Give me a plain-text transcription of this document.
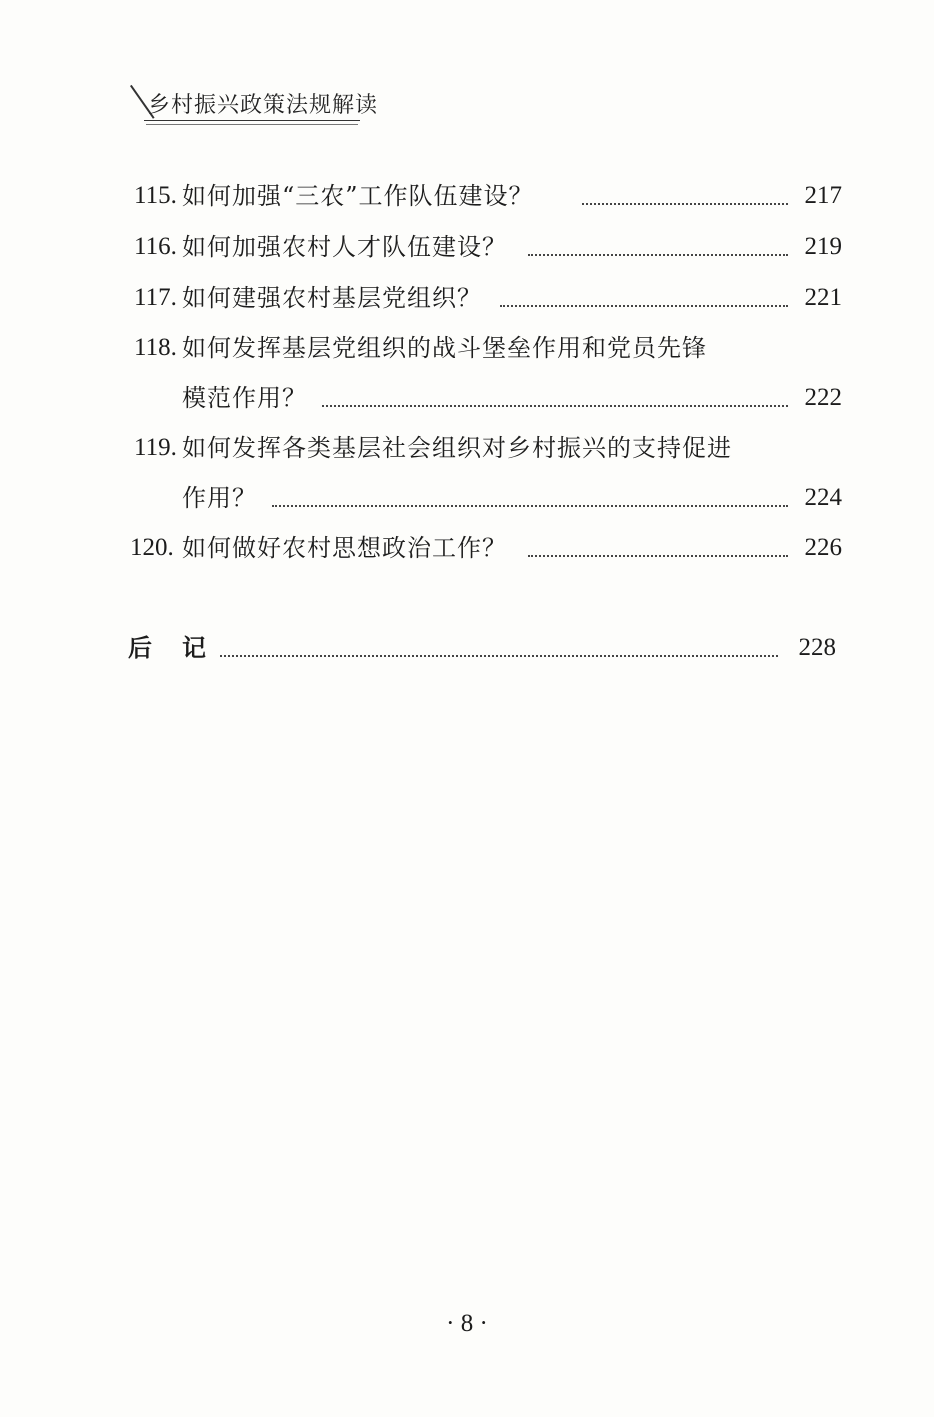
乡村振兴政策法规解读
115. 如何加强“三农”工作队伍建设？	217
116. 如何加强农村人才队伍建设？	219
117. 如何建强农村基层党组织？	221
118. 如何发挥基层党组织的战斗堡垒作用和党员先锋
模范作用？	222
119. 如何发挥各类基层社会组织对乡村振兴的支持促进
作用？	224
120. 如何做好农村思想政治工作？	226
后记	228
· 8 ·
